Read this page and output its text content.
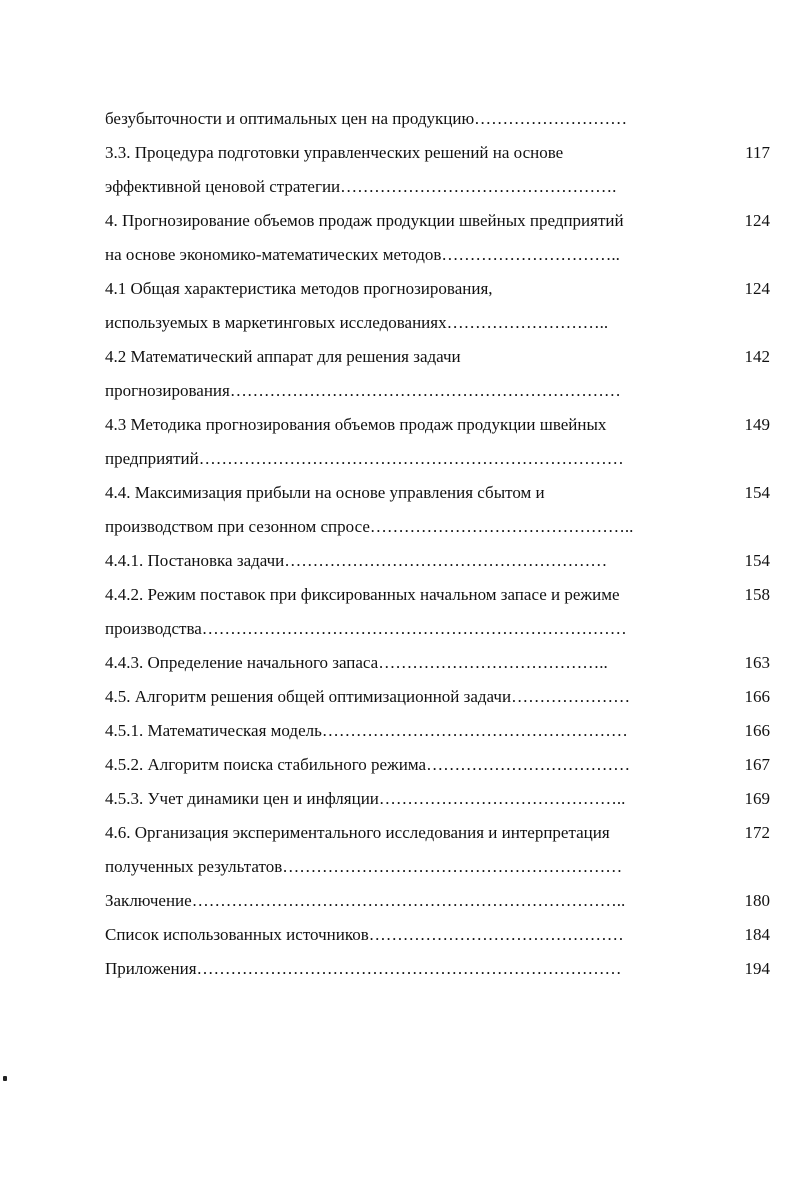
безубыточности и оптимальных цен на продукцию………………………
3.3. Процедура подготовки управленческих решений на основе	117
эффективной ценовой стратегии………………………………………….
4. Прогнозирование объемов продаж продукции швейных предприятий	124
на основе экономико-математических методов…………………………..
4.1 Общая характеристика методов прогнозирования,	124
используемых в маркетинговых исследованиях………………………..
4.2 Математический аппарат для решения задачи	142
прогнозирования……………………………………………………………
4.3 Методика прогнозирования объемов продаж продукции швейных	149
предприятий…………………………………………………………………
4.4. Максимизация прибыли на основе управления сбытом и	154
производством при сезонном спросе………………………………………..
4.4.1. Постановка задачи…………………………………………………	154
4.4.2. Режим поставок при фиксированных начальном запасе и режиме	158
производства…………………………………………………………………
4.4.3. Определение начального запаса…………………………………..	163
4.5. Алгоритм решения общей оптимизационной задачи…………………	166
4.5.1. Математическая модель………………………………………………	166
4.5.2. Алгоритм поиска стабильного режима………………………………	167
4.5.3. Учет динамики цен и инфляции……………………………………..	169
4.6. Организация экспериментального исследования и интерпретация	172
полученных результатов……………………………………………………
Заключение…………………………………………………………………..	180
Список использованных источников………………………………………	184
Приложения…………………………………………………………………	194
